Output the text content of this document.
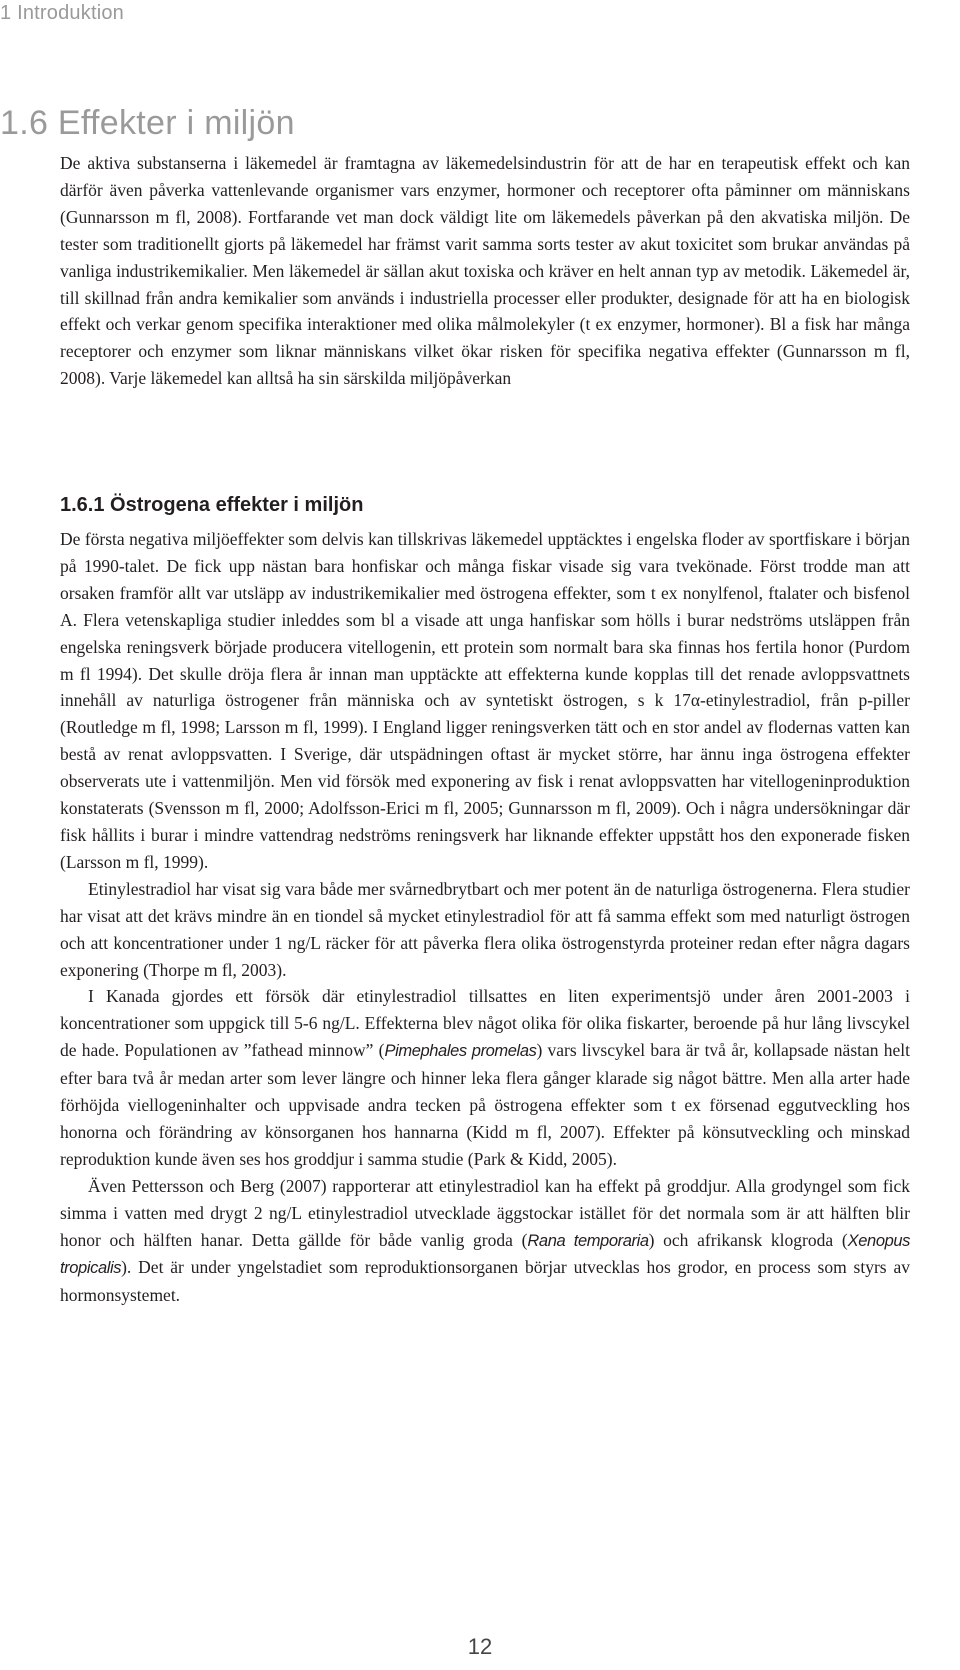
1 Introduktion
1.6 Effekter i miljön

De aktiva substanserna i läkemedel är framtagna av läkemedelsindustrin för att de har en terapeutisk effekt och kan därför även påverka vattenlevande organismer vars enzymer, hormoner och receptorer ofta påminner om människans (Gunnarsson m fl, 2008). Fortfarande vet man dock väldigt lite om läkemedels påverkan på den akvatiska miljön. De tester som traditionellt gjorts på läkemedel har främst varit samma sorts tester av akut toxicitet som brukar användas på vanliga industrikemikalier. Men läkemedel är sällan akut toxiska och kräver en helt annan typ av metodik. Läkemedel är, till skillnad från andra kemikalier som används i industriella processer eller produkter, designade för att ha en biologisk effekt och verkar genom specifika interaktioner med olika målmolekyler (t ex enzymer, hormoner). Bl a fisk har många receptorer och enzymer som liknar människans vilket ökar risken för specifika negativa effekter (Gunnarsson m fl, 2008). Varje läkemedel kan alltså ha sin särskilda miljöpåverkan

1.6.1 Östrogena effekter i miljön

De första negativa miljöeffekter som delvis kan tillskrivas läkemedel upptäcktes i engelska floder av sportfiskare i början på 1990-talet. De fick upp nästan bara honfiskar och många fiskar visade sig vara tvekönade. Först trodde man att orsaken framför allt var utsläpp av industrikemikalier med östrogena effekter, som t ex nonylfenol, ftalater och bisfenol A. Flera vetenskapliga studier inleddes som bl a visade att unga hanfiskar som hölls i burar nedströms utsläppen från engelska reningsverk började producera vitellogenin, ett protein som normalt bara ska finnas hos fertila honor (Purdom m fl 1994). Det skulle dröja flera år innan man upptäckte att effekterna kunde kopplas till det renade avloppsvattnets innehåll av naturliga östrogener från människa och av syntetiskt östrogen, s k 17α-etinylestradiol, från p-piller (Routledge m fl, 1998; Larsson m fl, 1999). I England ligger reningsverken tätt och en stor andel av flodernas vatten kan bestå av renat avloppsvatten. I Sverige, där utspädningen oftast är mycket större, har ännu inga östrogena effekter observerats ute i vattenmiljön. Men vid försök med exponering av fisk i renat avloppsvatten har vitellogeninproduktion konstaterats (Svensson m fl, 2000; Adolfsson-Erici m fl, 2005; Gunnarsson m fl, 2009). Och i några undersökningar där fisk hållits i burar i mindre vattendrag nedströms reningsverk har liknande effekter uppstått hos den exponerade fisken (Larsson m fl, 1999).

Etinylestradiol har visat sig vara både mer svårnedbrytbart och mer potent än de naturliga östrogenerna. Flera studier har visat att det krävs mindre än en tiondel så mycket etinylestradiol för att få samma effekt som med naturligt östrogen och att koncentrationer under 1 ng/L räcker för att påverka flera olika östrogenstyrda proteiner redan efter några dagars exponering (Thorpe m fl, 2003).

I Kanada gjordes ett försök där etinylestradiol tillsattes en liten experimentsjö under åren 2001-2003 i koncentrationer som uppgick till 5-6 ng/L. Effekterna blev något olika för olika fiskarter, beroende på hur lång livscykel de hade. Populationen av ”fathead minnow” (Pimephales promelas) vars livscykel bara är två år, kollapsade nästan helt efter bara två år medan arter som lever längre och hinner leka flera gånger klarade sig något bättre. Men alla arter hade förhöjda viellogeninhalter och uppvisade andra tecken på östrogena effekter som t ex försenad eggutveckling hos honorna och förändring av könsorganen hos hannarna (Kidd m fl, 2007). Effekter på könsutveckling och minskad reproduktion kunde även ses hos groddjur i samma studie (Park & Kidd, 2005).

Även Pettersson och Berg (2007) rapporterar att etinylestradiol kan ha effekt på groddjur. Alla grodyngel som fick simma i vatten med drygt 2 ng/L etinylestradiol utvecklade äggstockar istället för det normala som är att hälften blir honor och hälften hanar. Detta gällde för både vanlig groda (Rana temporaria) och afrikansk klogroda (Xenopus tropicalis). Det är under yngelstadiet som reproduktionsorganen börjar utvecklas hos grodor, en process som styrs av hormonsystemet.

12
